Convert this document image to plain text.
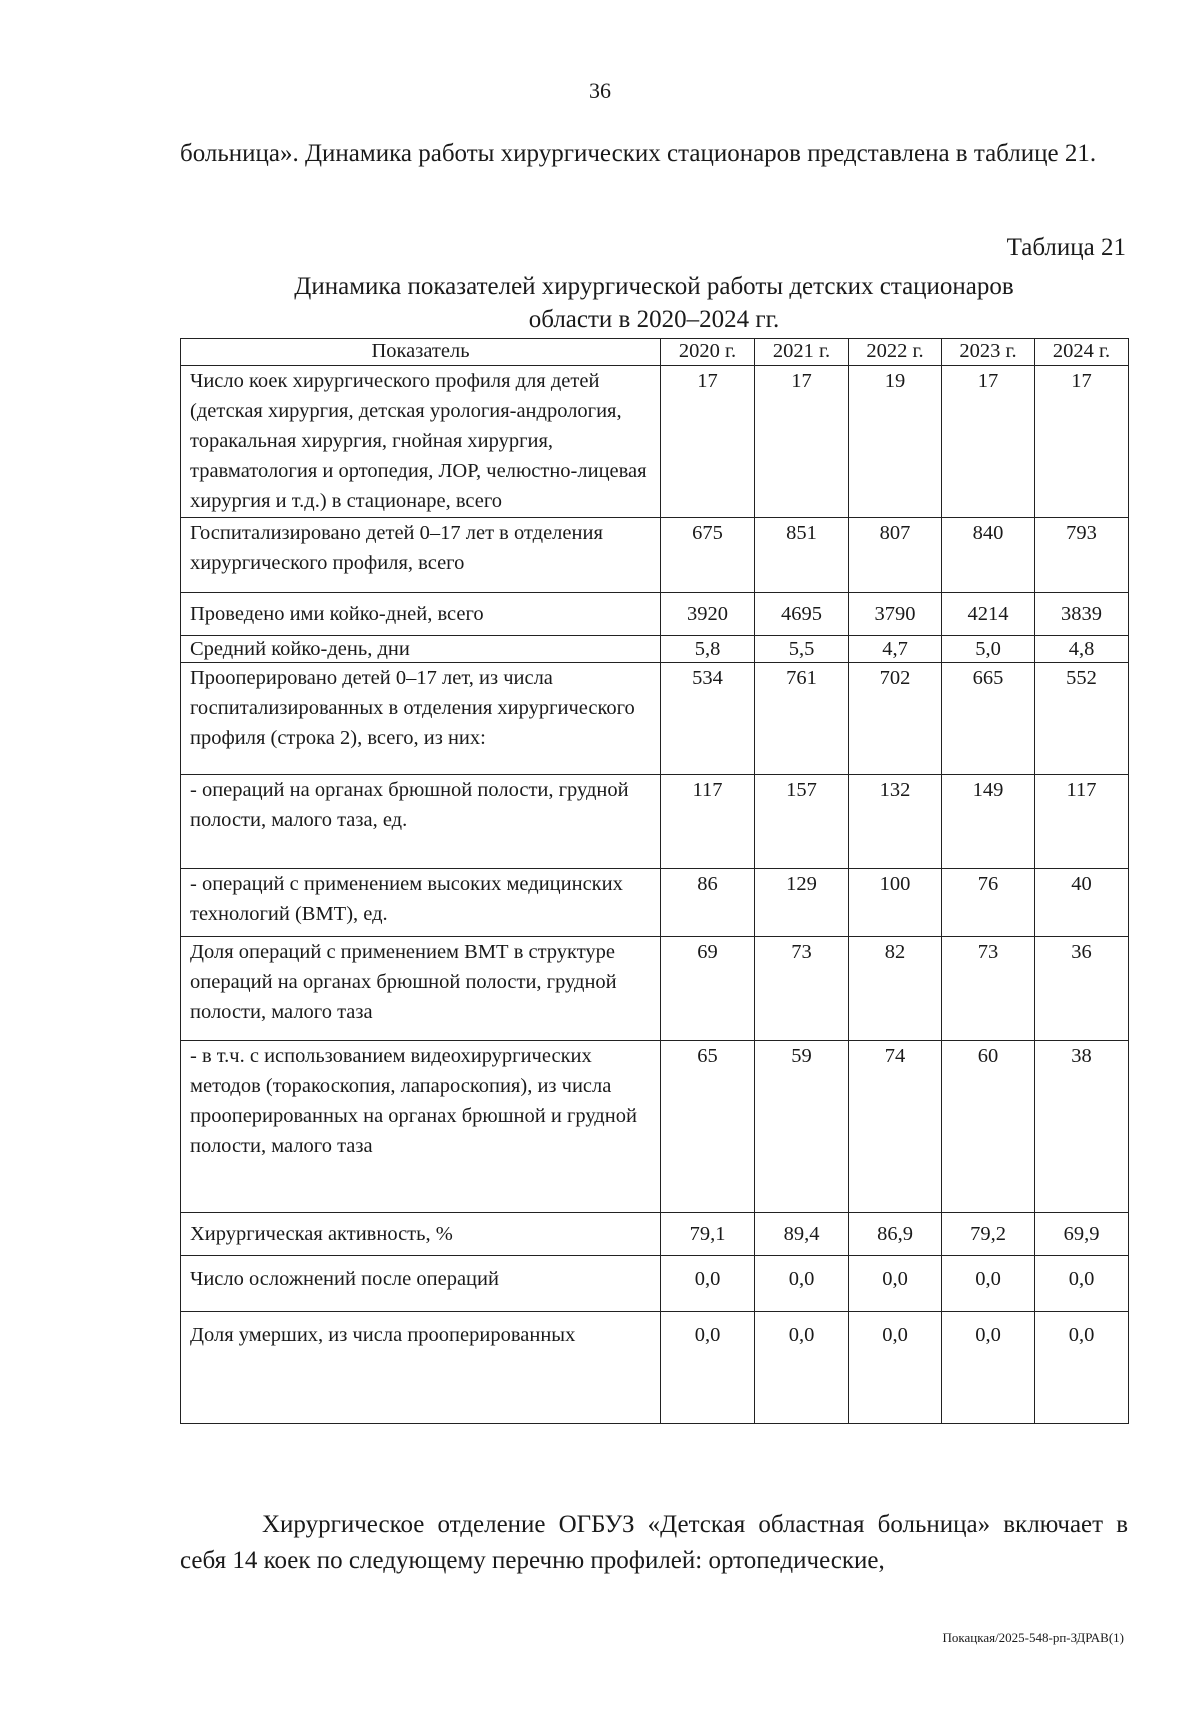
36
больница». Динамика работы хирургических стационаров представлена в таблице 21.
Таблица 21
Динамика показателей хирургической работы детских стационаров
области в 2020–2024 гг.
Показатель	2020 г.	2021 г.	2022 г.	2023 г.	2024 г.
Число коек хирургического профиля для детей (детская хирургия, детская урология-андрология, торакальная хирургия, гнойная хирургия, травматология и ортопедия, ЛОР, челюстно-лицевая хирургия и т.д.) в стационаре, всего	17	17	19	17	17
Госпитализировано детей 0–17 лет в отделения хирургического профиля, всего	675	851	807	840	793
Проведено ими койко-дней, всего	3920	4695	3790	4214	3839
Средний койко-день, дни	5,8	5,5	4,7	5,0	4,8
Прооперировано детей 0–17 лет, из числа госпитализированных в отделения хирургического профиля (строка 2), всего, из них:	534	761	702	665	552
- операций на органах брюшной полости, грудной полости, малого таза, ед.	117	157	132	149	117
- операций с применением высоких медицинских технологий (ВМТ), ед.	86	129	100	76	40
Доля операций с применением ВМТ в структуре операций на органах брюшной полости, грудной полости, малого таза	69	73	82	73	36
- в т.ч. с использованием видеохирургических методов (торакоскопия, лапароскопия), из числа прооперированных на органах брюшной и грудной полости, малого таза	65	59	74	60	38
Хирургическая активность, %	79,1	89,4	86,9	79,2	69,9
Число осложнений после операций	0,0	0,0	0,0	0,0	0,0
Доля умерших, из числа прооперированных	0,0	0,0	0,0	0,0	0,0
Хирургическое отделение ОГБУЗ «Детская областная больница» включает в себя 14 коек по следующему перечню профилей: ортопедические,
Покацкая/2025-548-рп-ЗДРАВ(1)
